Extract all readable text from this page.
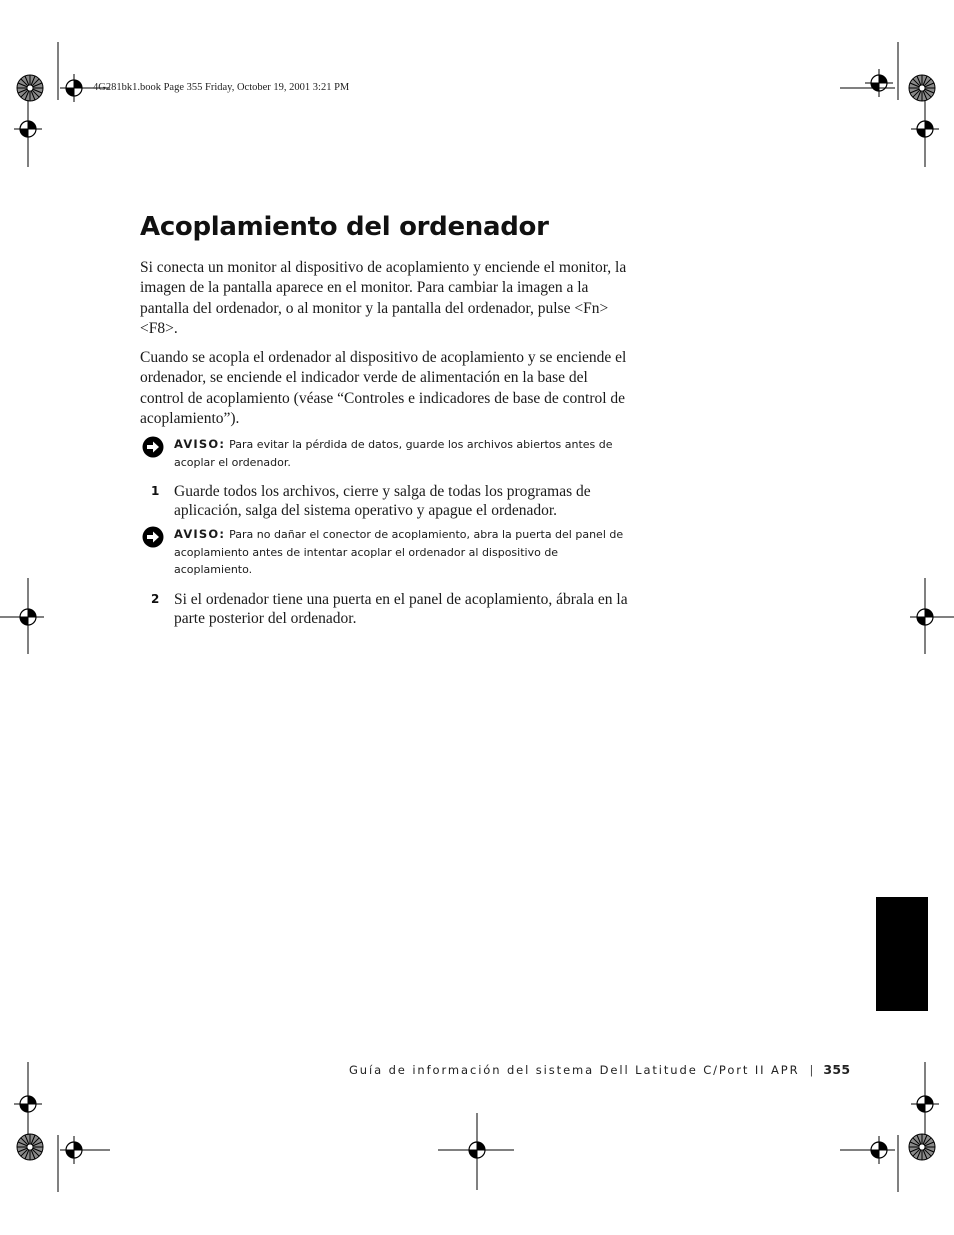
4G281bk1.book Page 355 Friday, October 19, 2001 3:21 PM
Acoplamiento del ordenador

Si conecta un monitor al dispositivo de acoplamiento y enciende el monitor, la imagen de la pantalla aparece en el monitor. Para cambiar la imagen a la pantalla del ordenador, o al monitor y la pantalla del ordenador, pulse <Fn><F8>.

Cuando se acopla el ordenador al dispositivo de acoplamiento y se enciende el ordenador, se enciende el indicador verde de alimentación en la base del control de acoplamiento (véase “Controles e indicadores de base de control de acoplamiento”).

AVISO: Para evitar la pérdida de datos, guarde los archivos abiertos antes de acoplar el ordenador.

1 Guarde todos los archivos, cierre y salga de todas los programas de aplicación, salga del sistema operativo y apague el ordenador.

AVISO: Para no dañar el conector de acoplamiento, abra la puerta del panel de acoplamiento antes de intentar acoplar el ordenador al dispositivo de acoplamiento.

2 Si el ordenador tiene una puerta en el panel de acoplamiento, ábrala en la parte posterior del ordenador.

Guía de información del sistema Dell Latitude C/Port II APR | 355
